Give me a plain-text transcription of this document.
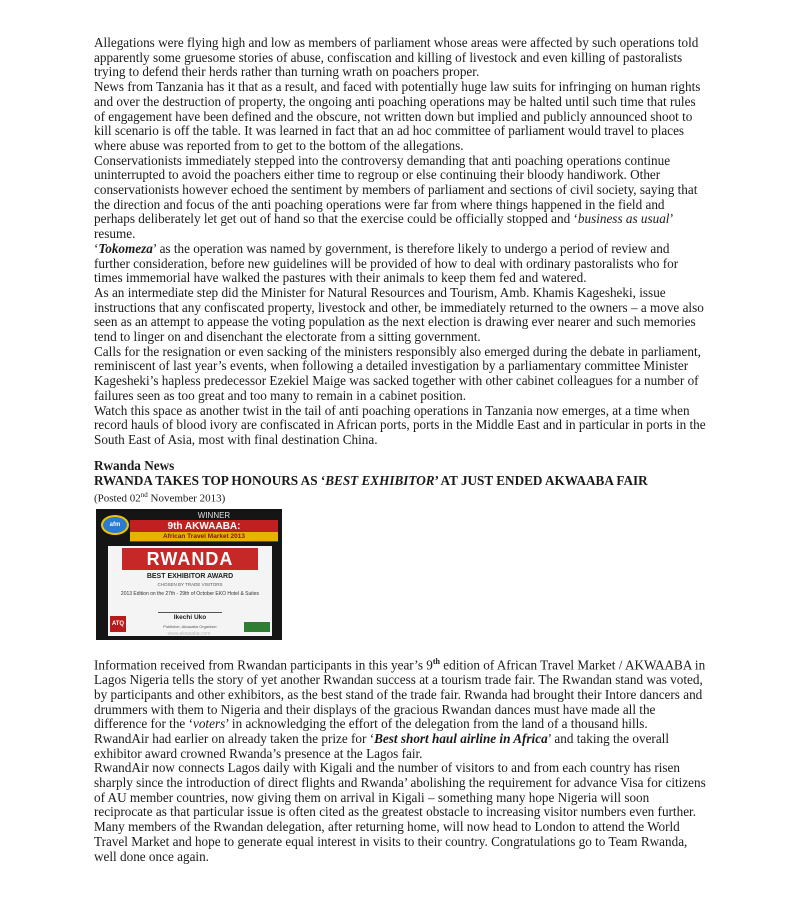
Allegations were flying high and low as members of parliament whose areas were affected by such operations told apparently some gruesome stories of abuse, confiscation and killing of livestock and even killing of pastoralists trying to defend their herds rather than turning wrath on poachers proper.

News from Tanzania has it that as a result, and faced with potentially huge law suits for infringing on human rights and over the destruction of property, the ongoing anti poaching operations may be halted until such time that rules of engagement have been defined and the obscure, not written down but implied and publicly announced shoot to kill scenario is off the table. It was learned in fact that an ad hoc committee of parliament would travel to places where abuse was reported from to get to the bottom of the allegations.

Conservationists immediately stepped into the controversy demanding that anti poaching operations continue uninterrupted to avoid the poachers either time to regroup or else continuing their bloody handiwork. Other conservationists however echoed the sentiment by members of parliament and sections of civil society, saying that the direction and focus of the anti poaching operations were far from where things happened in the field and perhaps deliberately let get out of hand so that the exercise could be officially stopped and ‘business as usual’ resume.

‘Tokomeza’ as the operation was named by government, is therefore likely to undergo a period of review and further consideration, before new guidelines will be provided of how to deal with ordinary pastoralists who for times immemorial have walked the pastures with their animals to keep them fed and watered.

As an intermediate step did the Minister for Natural Resources and Tourism, Amb. Khamis Kagesheki, issue instructions that any confiscated property, livestock and other, be immediately returned to the owners – a move also seen as an attempt to appease the voting population as the next election is drawing ever nearer and such memories tend to linger on and disenchant the electorate from a sitting government.

Calls for the resignation or even sacking of the ministers responsibly also emerged during the debate in parliament, reminiscent of last year’s events, when following a detailed investigation by a parliamentary committee Minister Kagesheki’s hapless predecessor Ezekiel Maige was sacked together with other cabinet colleagues for a number of failures seen as too great and too many to remain in a cabinet position.

Watch this space as another twist in the tail of anti poaching operations in Tanzania now emerges, at a time when record hauls of blood ivory are confiscated in African ports, ports in the Middle East and in particular in ports in the South East of Asia, most with final destination China.

Rwanda News
RWANDA TAKES TOP HONOURS AS ‘BEST EXHIBITOR’ AT JUST ENDED AKWAABA FAIR
(Posted 02nd November 2013)
afm
WINNER
9th AKWAABA:
African Travel Market 2013
RWANDA
BEST EXHIBITOR AWARD
CHOSEN BY TRADE VISITORS
2013 Edition on the 27th - 29th of October EKO Hotel & Suites
Ikechi Uko
Publisher, Akwaaba Organiser
ATQ
www.akwaaba.com

Information received from Rwandan participants in this year’s 9th edition of African Travel Market / AKWAABA in Lagos Nigeria tells the story of yet another Rwandan success at a tourism trade fair. The Rwandan stand was voted, by participants and other exhibitors, as the best stand of the trade fair. Rwanda had brought their Intore dancers and drummers with them to Nigeria and their displays of the gracious Rwandan dances must have made all the difference for the ‘voters’ in acknowledging the effort of the delegation from the land of a thousand hills.

RwandAir had earlier on already taken the prize for ‘Best short haul airline in Africa’ and taking the overall exhibitor award crowned Rwanda’s presence at the Lagos fair.

RwandAir now connects Lagos daily with Kigali and the number of visitors to and from each country has risen sharply since the introduction of direct flights and Rwanda’ abolishing the requirement for advance Visa for citizens of AU member countries, now giving them on arrival in Kigali – something many hope Nigeria will soon reciprocate as that particular issue is often cited as the greatest obstacle to increasing visitor numbers even further.

Many members of the Rwandan delegation, after returning home, will now head to London to attend the World Travel Market and hope to generate equal interest in visits to their country. Congratulations go to Team Rwanda, well done once again.
